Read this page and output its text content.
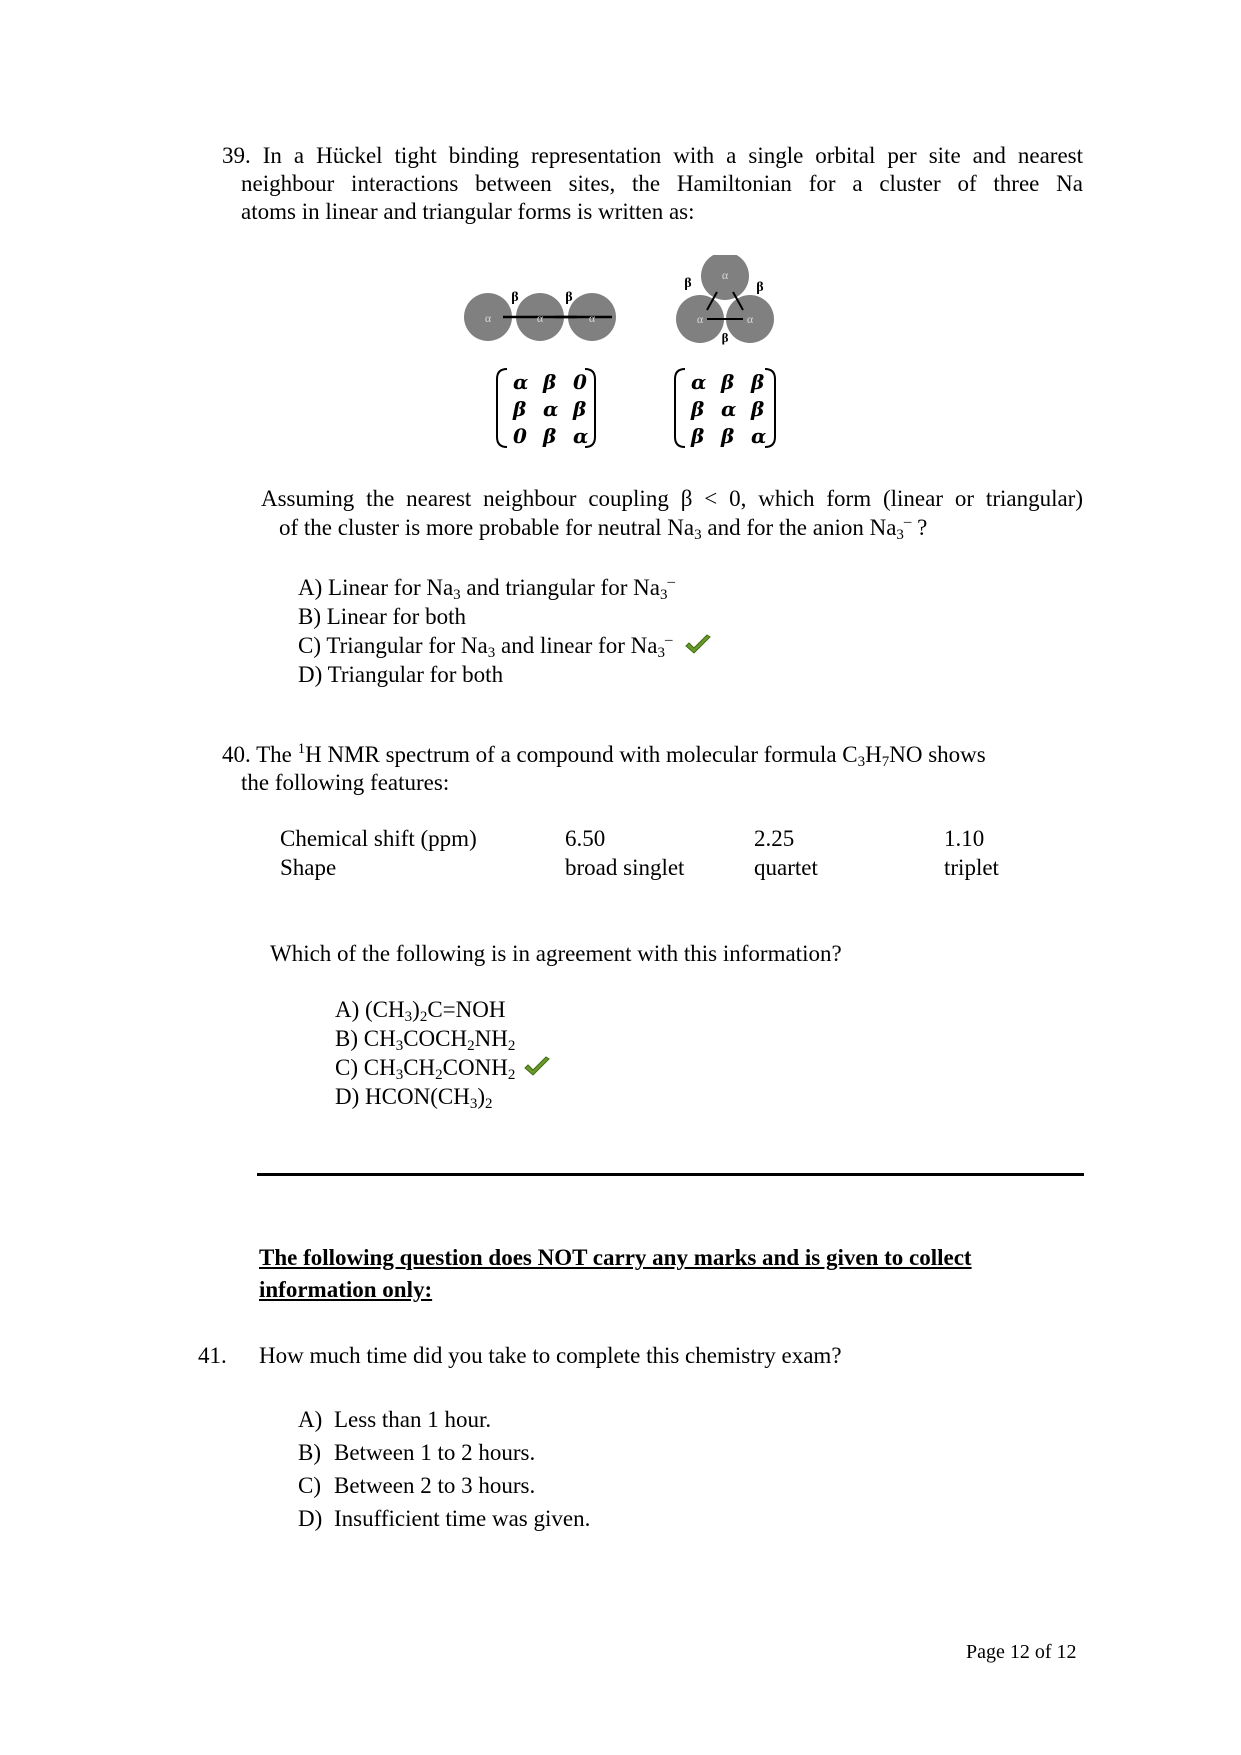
39. In a Hückel tight binding representation with a single orbital per site and nearest
neighbour interactions between sites, the Hamiltonian for a cluster of three Na
atoms in linear and triangular forms is written as:
α	α	α
β	β
α
α	α
β	β
β
α β 0
β α β
0 β α
α β β
β α β
β β α
Assuming the nearest neighbour coupling β < 0, which form (linear or triangular)
of the cluster is more probable for neutral $Na_3$ and for the anion $Na_3^-$ ?
A) Linear for $Na_3$ and triangular for $Na_3^-$
B) Linear for both
C) Triangular for $Na_3$ and linear for $Na_3^-$
D) Triangular for both
40. The $^1$H NMR spectrum of a compound with molecular formula $C_3H_7NO$ shows
the following features:
Chemical shift (ppm)	6.50	2.25	1.10
Shape	broad singlet	quartet	triplet
Which of the following is in agreement with this information?
A) $(CH_3)_2C=NOH$
B) $CH_3COCH_2NH_2$
C) $CH_3CH_2CONH_2$
D) $HCON(CH_3)_2$
The following question does NOT carry any marks and is given to collect
information only:
41. How much time did you take to complete this chemistry exam?
A) Less than 1 hour.
B) Between 1 to 2 hours.
C) Between 2 to 3 hours.
D) Insufficient time was given.
Page 12 of 12
